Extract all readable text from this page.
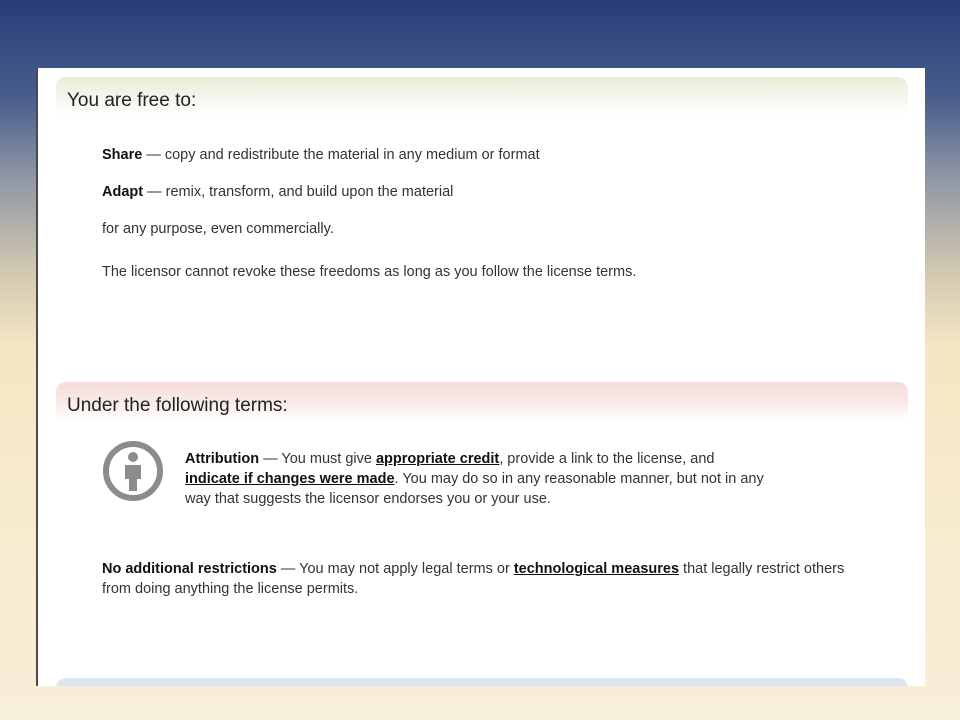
You are free to:
Share — copy and redistribute the material in any medium or format
Adapt — remix, transform, and build upon the material
for any purpose, even commercially.
The licensor cannot revoke these freedoms as long as you follow the license terms.
Under the following terms:
Attribution — You must give appropriate credit, provide a link to the license, and
indicate if changes were made. You may do so in any reasonable manner, but not in any
way that suggests the licensor endorses you or your use.
No additional restrictions — You may not apply legal terms or technological measures that legally restrict others
from doing anything the license permits.
